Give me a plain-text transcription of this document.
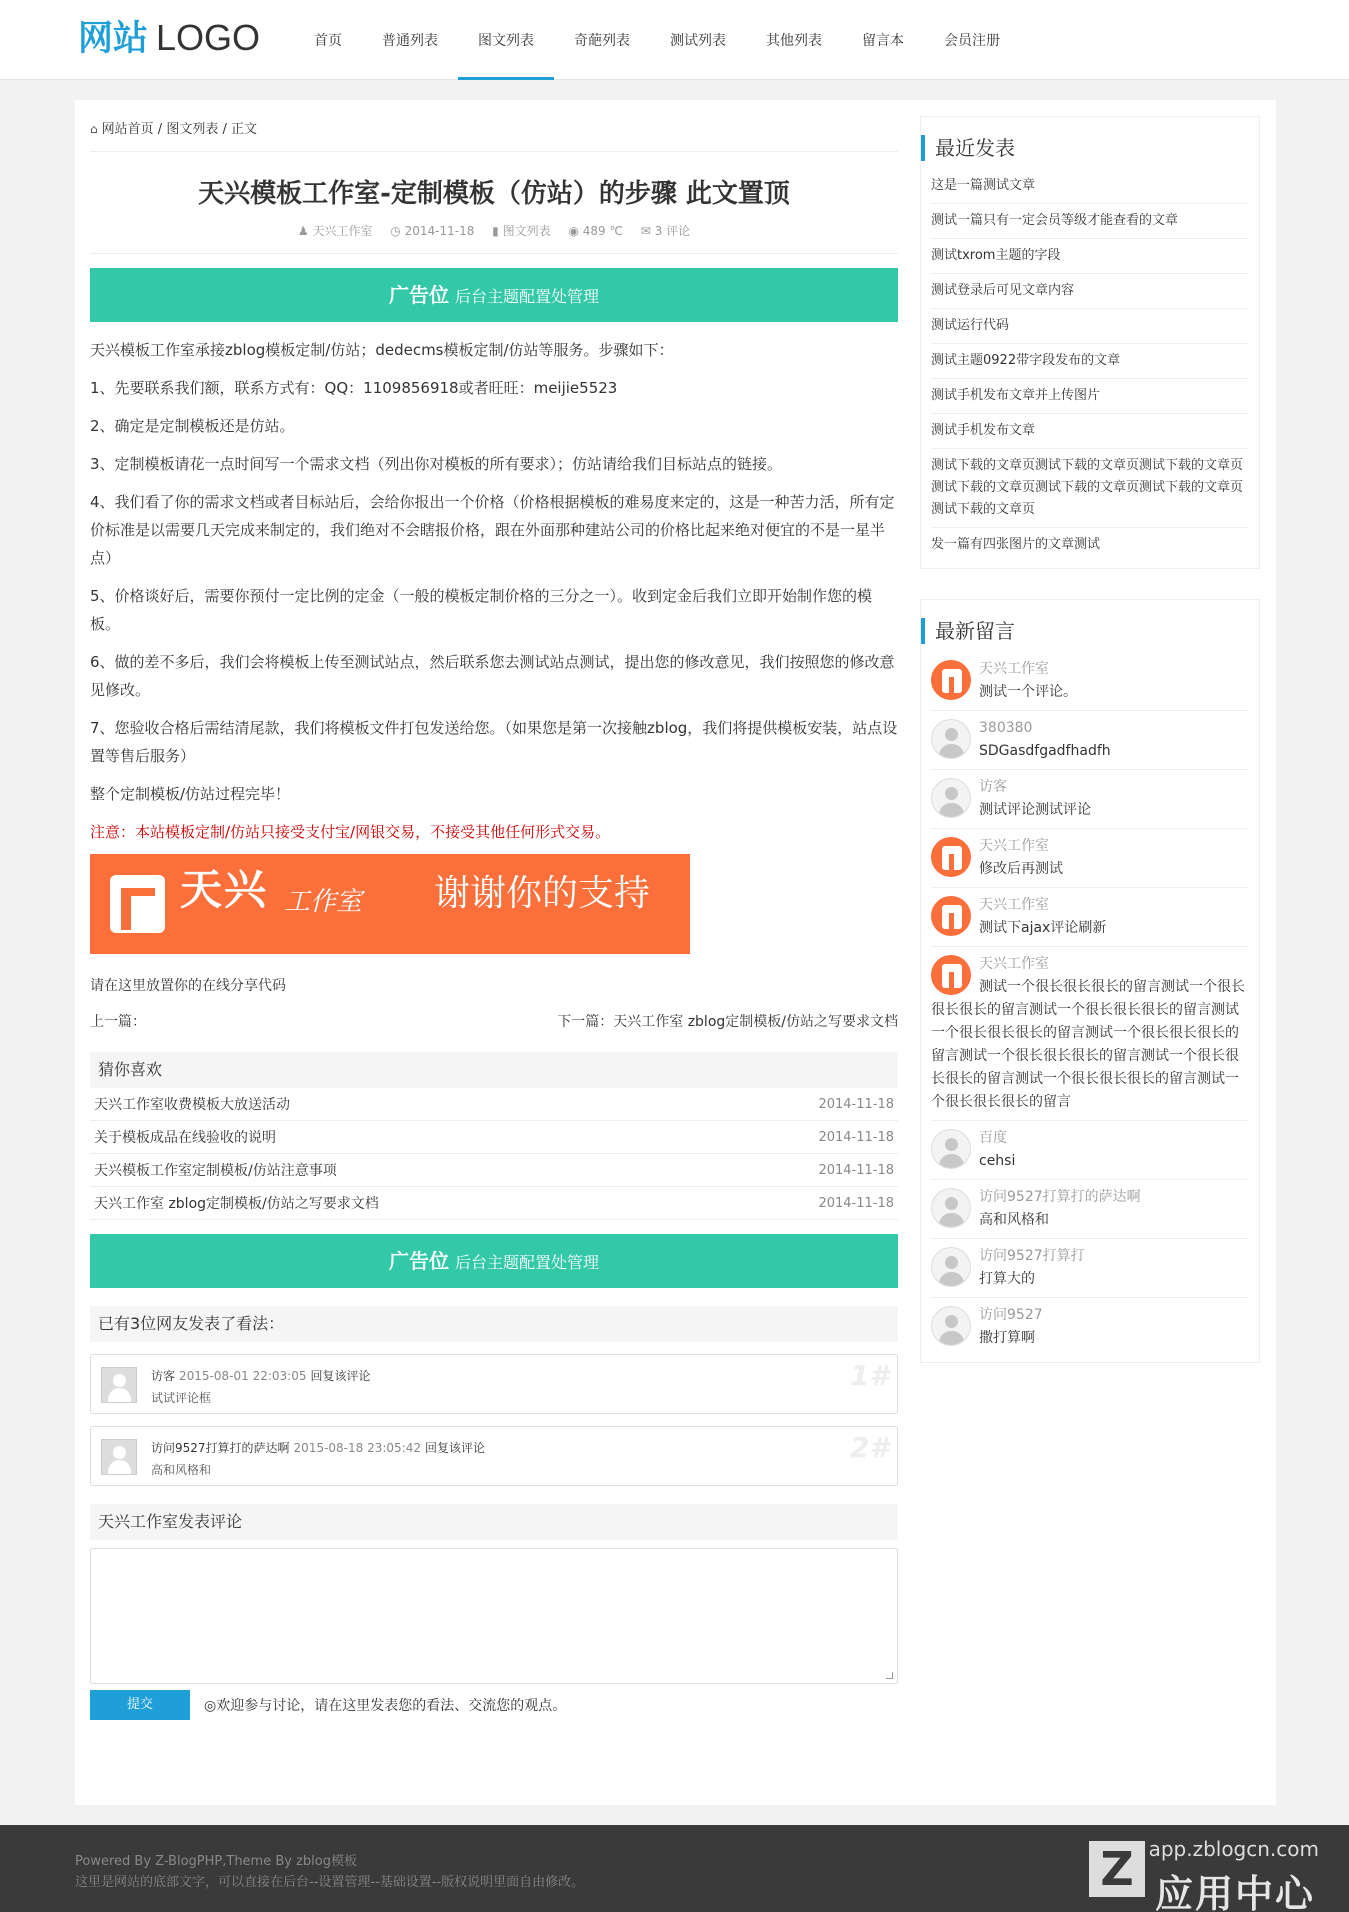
网站 LOGO	首页	普通列表	图文列表	奇葩列表	测试列表	其他列表	留言本	会员注册
⌂ 网站首页 / 图文列表 / 正文
天兴模板工作室-定制模板（仿站）的步骤 此文置顶
♟ 天兴工作室 ◷ 2014-11-18 ▮ 图文列表 ◉ 489 ℃ ✉ 3 评论
广告位 后台主题配置处管理

天兴模板工作室承接zblog模板定制/仿站；dedecms模板定制/仿站等服务。步骤如下：

1、先要联系我们额，联系方式有：QQ：1109856918或者旺旺：meijie5523

2、确定是定制模板还是仿站。

3、定制模板请花一点时间写一个需求文档（列出你对模板的所有要求）；仿站请给我们目标站点的链接。

4、我们看了你的需求文档或者目标站后，会给你报出一个价格（价格根据模板的难易度来定的，这是一种苦力活，所有定价标准是以需要几天完成来制定的，我们绝对不会瞎报价格，跟在外面那种建站公司的价格比起来绝对便宜的不是一星半点）

5、价格谈好后，需要你预付一定比例的定金（一般的模板定制价格的三分之一）。收到定金后我们立即开始制作您的模板。

6、做的差不多后，我们会将模板上传至测试站点，然后联系您去测试站点测试，提出您的修改意见，我们按照您的修改意见修改。

7、您验收合格后需结清尾款，我们将模板文件打包发送给您。（如果您是第一次接触zblog，我们将提供模板安装，站点设置等售后服务）

整个定制模板/仿站过程完毕！

注意：本站模板定制/仿站只接受支付宝/网银交易，不接受其他任何形式交易。

天兴 工作室 谢谢你的支持
请在这里放置你的在线分享代码
上一篇：	下一篇：天兴工作室 zblog定制模板/仿站之写要求文档
猜你喜欢
天兴工作室收费模板大放送活动	2014-11-18
关于模板成品在线验收的说明	2014-11-18
天兴模板工作室定制模板/仿站注意事项	2014-11-18
天兴工作室 zblog定制模板/仿站之写要求文档	2014-11-18
广告位 后台主题配置处管理
已有3位网友发表了看法：
访客 2015-08-01 22:03:05 回复该评论
试试评论框
1#
访问9527打算打的萨达啊 2015-08-18 23:05:42 回复该评论
高和风格和
2#
天兴工作室发表评论
提交	◎欢迎参与讨论，请在这里发表您的看法、交流您的观点。
最近发表
这是一篇测试文章
测试一篇只有一定会员等级才能查看的文章
测试txrom主题的字段
测试登录后可见文章内容
测试运行代码
测试主题0922带字段发布的文章
测试手机发布文章并上传图片
测试手机发布文章
测试下载的文章页测试下载的文章页测试下载的文章页测试下载的文章页测试下载的文章页测试下载的文章页测试下载的文章页
发一篇有四张图片的文章测试
最新留言
天兴工作室
测试一个评论。
380380
SDGasdfgadfhadfh
访客
测试评论测试评论
天兴工作室
修改后再测试
天兴工作室
测试下ajax评论刷新
天兴工作室
测试一个很长很长很长的留言测试一个很长很长很长的留言测试一个很长很长很长的留言测试一个很长很长很长的留言测试一个很长很长很长的留言测试一个很长很长很长的留言测试一个很长很长很长的留言测试一个很长很长很长的留言测试一个很长很长很长的留言
百度
cehsi
访问9527打算打的萨达啊
高和风格和
访问9527打算打
打算大的
访问9527
撒打算啊
Powered By Z-BlogPHP,Theme By zblog模板
这里是网站的底部文字，可以直接在后台--设置管理--基础设置--版权说明里面自由修改。
app.zblogcn.com
Z 应用中心
